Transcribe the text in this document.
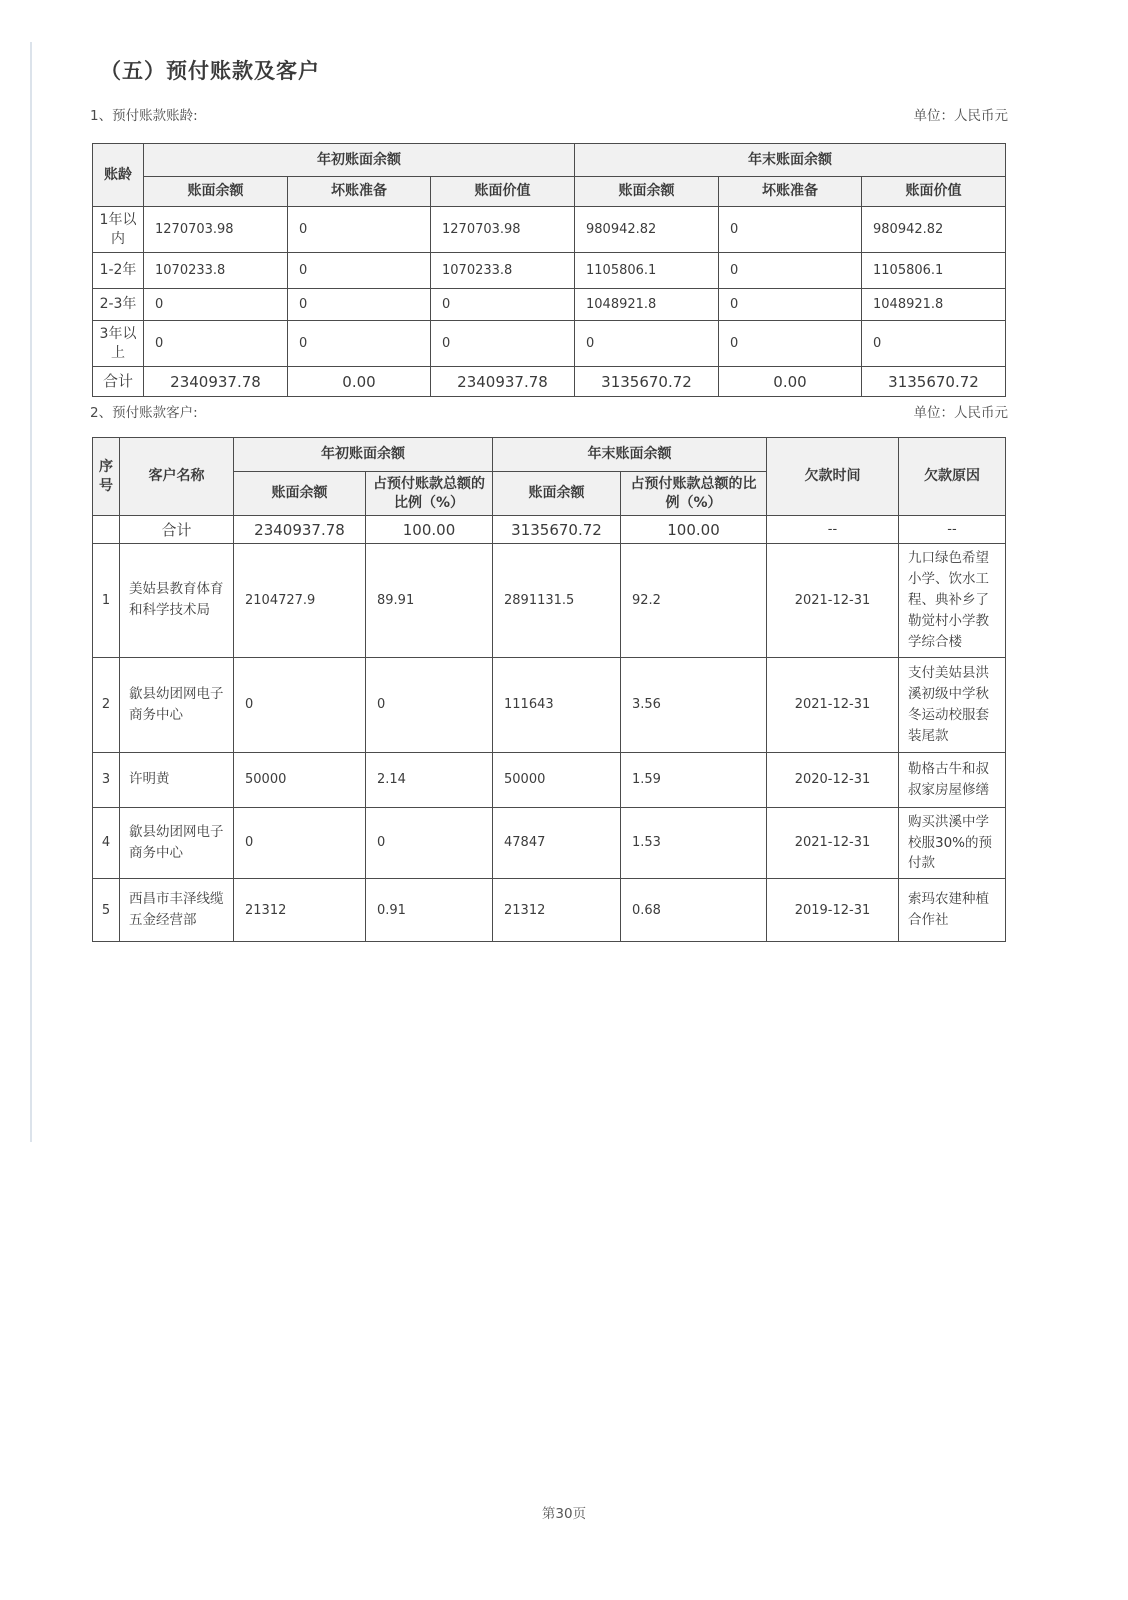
（五）预付账款及客户
1、预付账款账龄:	单位：人民币元
账龄	年初账面余额			年末账面余额		
	账面余额	坏账准备	账面价值	账面余额	坏账准备	账面价值
1年以内	1270703.98	0	1270703.98	980942.82	0	980942.82
1-2年	1070233.8	0	1070233.8	1105806.1	0	1105806.1
2-3年	0	0	0	1048921.8	0	1048921.8
3年以上	0	0	0	0	0	0
合计	2340937.78	0.00	2340937.78	3135670.72	0.00	3135670.72
2、预付账款客户:	单位：人民币元
序号	客户名称	年初账面余额		年末账面余额		欠款时间	欠款原因
		账面余额	占预付账款总额的比例（%）	账面余额	占预付账款总额的比例（%）		
	合计	2340937.78	100.00	3135670.72	100.00	--	--
1	美姑县教育体育和科学技术局	2104727.9	89.91	2891131.5	92.2	2021-12-31	九口绿色希望小学、饮水工程、典补乡了勒觉村小学教学综合楼
2	歙县幼团网电子商务中心	0	0	111643	3.56	2021-12-31	支付美姑县洪溪初级中学秋冬运动校服套装尾款
3	许明黄	50000	2.14	50000	1.59	2020-12-31	勒格古牛和叔叔家房屋修缮
4	歙县幼团网电子商务中心	0	0	47847	1.53	2021-12-31	购买洪溪中学校服30%的预付款
5	西昌市丰泽线缆五金经营部	21312	0.91	21312	0.68	2019-12-31	索玛农建种植合作社
第30页
